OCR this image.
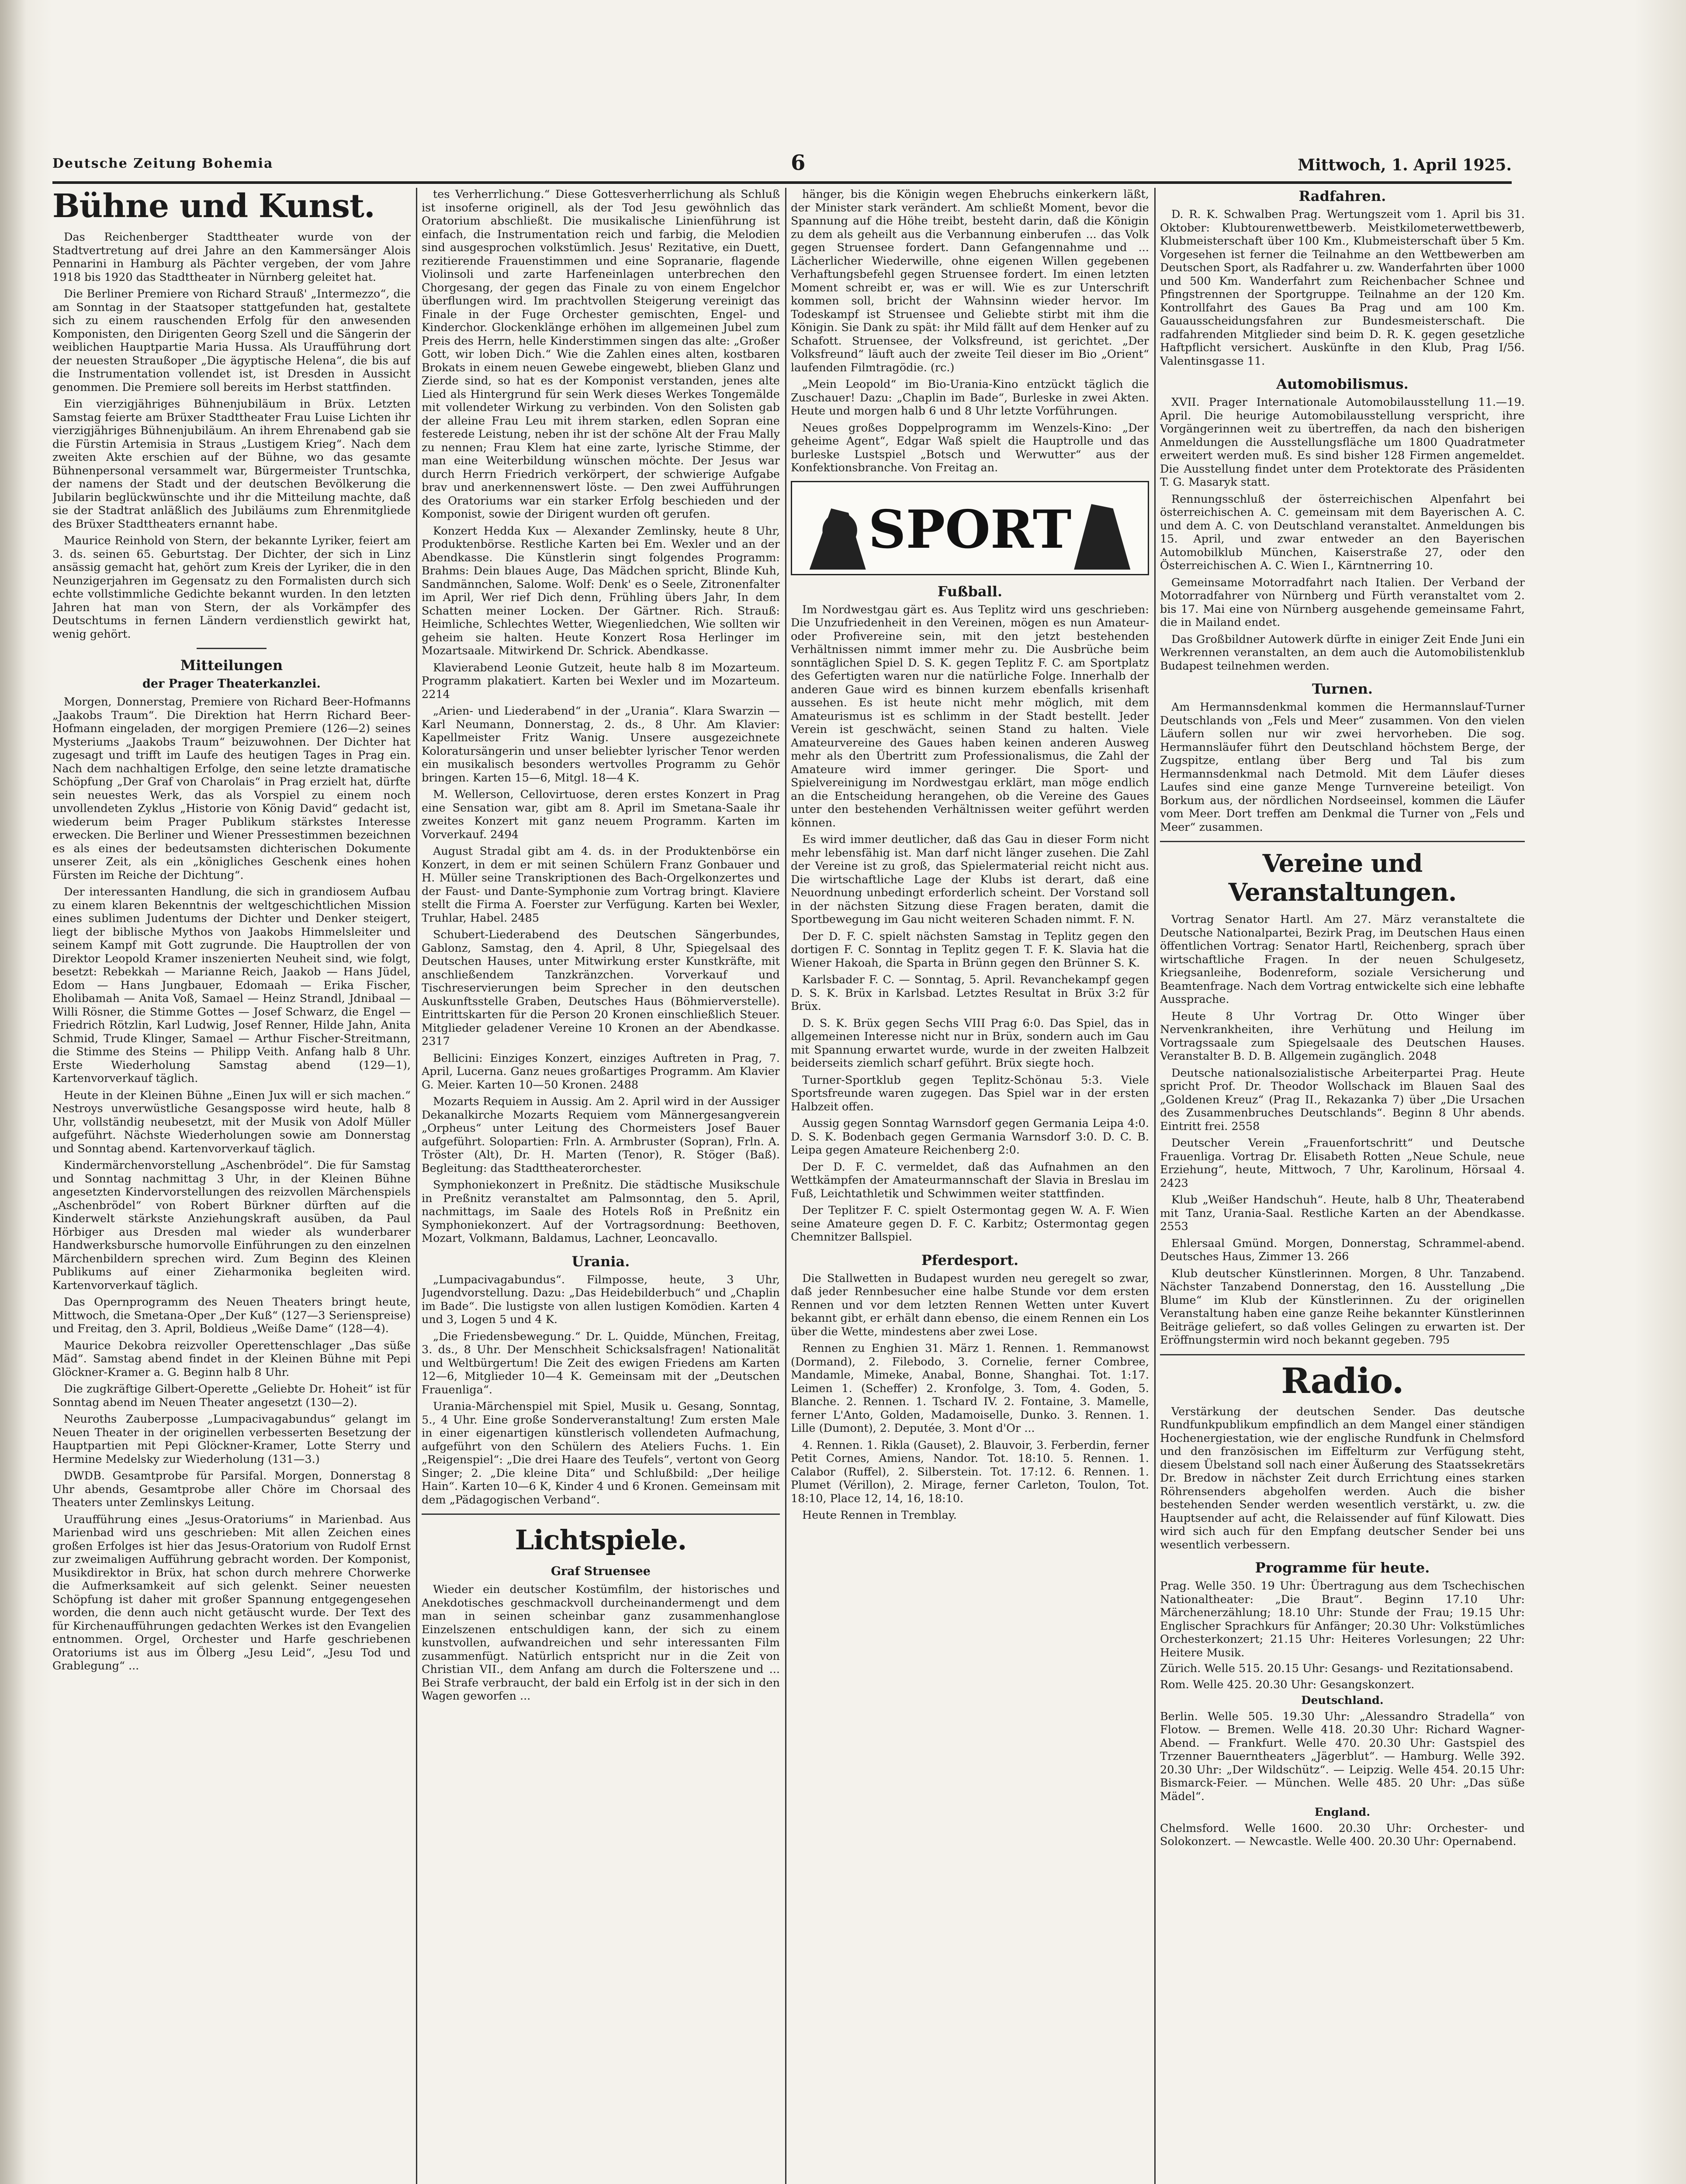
Deutsche Zeitung Bohemia	6	Mittwoch, 1. April 1925.
Bühne und Kunst.

Das Reichenberger Stadttheater wurde von der Stadtvertretung auf drei Jahre an den Kammersänger Alois Pennarini in Hamburg als Pächter vergeben, der vom Jahre 1918 bis 1920 das Stadttheater in Nürnberg geleitet hat.

Die Berliner Premiere von Richard Strauß' „Intermezzo“, die am Sonntag in der Staatsoper stattgefunden hat, gestaltete sich zu einem rauschenden Erfolg für den anwesenden Komponisten, den Dirigenten Georg Szell und die Sängerin der weiblichen Hauptpartie Maria Hussa. Als Uraufführung dort der neuesten Straußoper „Die ägyptische Helena“, die bis auf die Instrumentation vollendet ist, ist Dresden in Aussicht genommen. Die Premiere soll bereits im Herbst stattfinden.

Ein vierzigjähriges Bühnenjubiläum in Brüx. Letzten Samstag feierte am Brüxer Stadttheater Frau Luise Lichten ihr vierzigjähriges Bühnenjubiläum. An ihrem Ehrenabend gab sie die Fürstin Artemisia in Straus „Lustigem Krieg“. Nach dem zweiten Akte erschien auf der Bühne, wo das gesamte Bühnenpersonal versammelt war, Bürgermeister Truntschka, der namens der Stadt und der deutschen Bevölkerung die Jubilarin beglückwünschte und ihr die Mitteilung machte, daß sie der Stadtrat anläßlich des Jubiläums zum Ehrenmitgliede des Brüxer Stadttheaters ernannt habe.

Maurice Reinhold von Stern, der bekannte Lyriker, feiert am 3. ds. seinen 65. Geburtstag. Der Dichter, der sich in Linz ansässig gemacht hat, gehört zum Kreis der Lyriker, die in den Neunzigerjahren im Gegensatz zu den Formalisten durch sich echte vollstimmliche Gedichte bekannt wurden. In den letzten Jahren hat man von Stern, der als Vorkämpfer des Deutschtums in fernen Ländern verdienstlich gewirkt hat, wenig gehört.

Mitteilungen
der Prager Theaterkanzlei.

Morgen, Donnerstag, Premiere von Richard Beer-Hofmanns „Jaakobs Traum“. Die Direktion hat Herrn Richard Beer-Hofmann eingeladen, der morgigen Premiere (126—2) seines Mysteriums „Jaakobs Traum“ beizuwohnen. Der Dichter hat zugesagt und trifft im Laufe des heutigen Tages in Prag ein. Nach dem nachhaltigen Erfolge, den seine letzte dramatische Schöpfung „Der Graf von Charolais“ in Prag erzielt hat, dürfte sein neuestes Werk, das als Vorspiel zu einem noch unvollendeten Zyklus „Historie von König David“ gedacht ist, wiederum beim Prager Publikum stärkstes Interesse erwecken. Die Berliner und Wiener Pressestimmen bezeichnen es als eines der bedeutsamsten dichterischen Dokumente unserer Zeit, als ein „königliches Geschenk eines hohen Fürsten im Reiche der Dichtung“.

Der interessanten Handlung, die sich in grandiosem Aufbau zu einem klaren Bekenntnis der weltgeschichtlichen Mission eines sublimen Judentums der Dichter und Denker steigert, liegt der biblische Mythos von Jaakobs Himmelsleiter und seinem Kampf mit Gott zugrunde. Die Hauptrollen der von Direktor Leopold Kramer inszenierten Neuheit sind, wie folgt, besetzt: Rebekkah — Marianne Reich, Jaakob — Hans Jüdel, Edom — Hans Jungbauer, Edomaah — Erika Fischer, Eholibamah — Anita Voß, Samael — Heinz Strandl, Jdnibaal — Willi Rösner, die Stimme Gottes — Josef Schwarz, die Engel — Friedrich Rötzlin, Karl Ludwig, Josef Renner, Hilde Jahn, Anita Schmid, Trude Klinger, Samael — Arthur Fischer-Streitmann, die Stimme des Steins — Philipp Veith. Anfang halb 8 Uhr. Erste Wiederholung Samstag abend (129—1), Kartenvorverkauf täglich.

Heute in der Kleinen Bühne „Einen Jux will er sich machen.“ Nestroys unverwüstliche Gesangsposse wird heute, halb 8 Uhr, vollständig neubesetzt, mit der Musik von Adolf Müller aufgeführt. Nächste Wiederholungen sowie am Donnerstag und Sonntag abend. Kartenvorverkauf täglich.

Kindermärchenvorstellung „Aschenbrödel“. Die für Samstag und Sonntag nachmittag 3 Uhr, in der Kleinen Bühne angesetzten Kindervorstellungen des reizvollen Märchenspiels „Aschenbrödel“ von Robert Bürkner dürften auf die Kinderwelt stärkste Anziehungskraft ausüben, da Paul Hörbiger aus Dresden mal wieder als wunderbarer Handwerksbursche humorvolle Einführungen zu den einzelnen Märchenbildern sprechen wird. Zum Beginn des Kleinen Publikums auf einer Zieharmonika begleiten wird. Kartenvorverkauf täglich.

Das Opernprogramm des Neuen Theaters bringt heute, Mittwoch, die Smetana-Oper „Der Kuß“ (127—3 Serienspreise) und Freitag, den 3. April, Boldieus „Weiße Dame“ (128—4).

Maurice Dekobra reizvoller Operettenschlager „Das süße Mäd“. Samstag abend findet in der Kleinen Bühne mit Pepi Glöckner-Kramer a. G. Beginn halb 8 Uhr.

Die zugkräftige Gilbert-Operette „Geliebte Dr. Hoheit“ ist für Sonntag abend im Neuen Theater angesetzt (130—2).

Neuroths Zauberposse „Lumpacivagabundus“ gelangt im Neuen Theater in der originellen verbesserten Besetzung der Hauptpartien mit Pepi Glöckner-Kramer, Lotte Sterry und Hermine Medelsky zur Wiederholung (131—3.)

DWDB. Gesamtprobe für Parsifal. Morgen, Donnerstag 8 Uhr abends, Gesamtprobe aller Chöre im Chorsaal des Theaters unter Zemlinskys Leitung.

Uraufführung eines „Jesus-Oratoriums“ in Marienbad. Aus Marienbad wird uns geschrieben: Mit allen Zeichen eines großen Erfolges ist hier das Jesus-Oratorium von Rudolf Ernst zur zweimaligen Aufführung gebracht worden. Der Komponist, Musikdirektor in Brüx, hat schon durch mehrere Chorwerke die Aufmerksamkeit auf sich gelenkt. Seiner neuesten Schöpfung ist daher mit großer Spannung entgegengesehen worden, die denn auch nicht getäuscht wurde. Der Text des für Kirchenaufführungen gedachten Werkes ist den Evangelien entnommen. Orgel, Orchester und Harfe geschriebenen Oratoriums ist aus im Ölberg „Jesu Leid“, „Jesu Tod und Grablegung“ ...

tes Verherrlichung.“ Diese Gottesverherrlichung als Schluß ist insoferne originell, als der Tod Jesu gewöhnlich das Oratorium abschließt. Die musikalische Linienführung ist einfach, die Instrumentation reich und farbig, die Melodien sind ausgesprochen volkstümlich. Jesus' Rezitative, ein Duett, rezitierende Frauenstimmen und eine Sopranarie, flagende Violinsoli und zarte Harfeneinlagen unterbrechen den Chorgesang, der gegen das Finale zu von einem Engelchor überflungen wird. Im prachtvollen Steigerung vereinigt das Finale in der Fuge Orchester gemischten, Engel- und Kinderchor. Glockenklänge erhöhen im allgemeinen Jubel zum Preis des Herrn, helle Kinderstimmen singen das alte: „Großer Gott, wir loben Dich.“ Wie die Zahlen eines alten, kostbaren Brokats in einem neuen Gewebe eingewebt, blieben Glanz und Zierde sind, so hat es der Komponist verstanden, jenes alte Lied als Hintergrund für sein Werk dieses Werkes Tongemälde mit vollendeter Wirkung zu verbinden. Von den Solisten gab der alleine Frau Leu mit ihrem starken, edlen Sopran eine festerede Leistung, neben ihr ist der schöne Alt der Frau Mally zu nennen; Frau Klem hat eine zarte, lyrische Stimme, der man eine Weiterbildung wünschen möchte. Der Jesus war durch Herrn Friedrich verkörpert, der schwierige Aufgabe brav und anerkennenswert löste. — Den zwei Aufführungen des Oratoriums war ein starker Erfolg beschieden und der Komponist, sowie der Dirigent wurden oft gerufen.

Konzert Hedda Kux — Alexander Zemlinsky, heute 8 Uhr, Produktenbörse. Restliche Karten bei Em. Wexler und an der Abendkasse. Die Künstlerin singt folgendes Programm: Brahms: Dein blaues Auge, Das Mädchen spricht, Blinde Kuh, Sandmännchen, Salome. Wolf: Denk' es o Seele, Zitronenfalter im April, Wer rief Dich denn, Frühling übers Jahr, In dem Schatten meiner Locken. Der Gärtner. Rich. Strauß: Heimliche, Schlechtes Wetter, Wiegenliedchen, Wie sollten wir geheim sie halten. Heute Konzert Rosa Herlinger im Mozartsaale. Mitwirkend Dr. Schrick. Abendkasse.

Klavierabend Leonie Gutzeit, heute halb 8 im Mozarteum. Programm plakatiert. Karten bei Wexler und im Mozarteum. 2214

„Arien- und Liederabend“ in der „Urania“. Klara Swarzin — Karl Neumann, Donnerstag, 2. ds., 8 Uhr. Am Klavier: Kapellmeister Fritz Wanig. Unsere ausgezeichnete Koloratursängerin und unser beliebter lyrischer Tenor werden ein musikalisch besonders wertvolles Programm zu Gehör bringen. Karten 15—6, Mitgl. 18—4 K.

M. Wellerson, Cellovirtuose, deren erstes Konzert in Prag eine Sensation war, gibt am 8. April im Smetana-Saale ihr zweites Konzert mit ganz neuem Programm. Karten im Vorverkauf. 2494

August Stradal gibt am 4. ds. in der Produktenbörse ein Konzert, in dem er mit seinen Schülern Franz Gonbauer und H. Müller seine Transkriptionen des Bach-Orgelkonzertes und der Faust- und Dante-Symphonie zum Vortrag bringt. Klaviere stellt die Firma A. Foerster zur Verfügung. Karten bei Wexler, Truhlar, Habel. 2485

Schubert-Liederabend des Deutschen Sängerbundes, Gablonz, Samstag, den 4. April, 8 Uhr, Spiegelsaal des Deutschen Hauses, unter Mitwirkung erster Kunstkräfte, mit anschließendem Tanzkränzchen. Vorverkauf und Tischreservierungen beim Sprecher in den deutschen Auskunftsstelle Graben, Deutsches Haus (Böhmierverstelle). Eintrittskarten für die Person 20 Kronen einschließlich Steuer. Mitglieder geladener Vereine 10 Kronen an der Abendkasse. 2317

Bellicini: Einziges Konzert, einziges Auftreten in Prag, 7. April, Lucerna. Ganz neues großartiges Programm. Am Klavier G. Meier. Karten 10—50 Kronen. 2488

Mozarts Requiem in Aussig. Am 2. April wird in der Aussiger Dekanalkirche Mozarts Requiem vom Männergesangverein „Orpheus“ unter Leitung des Chormeisters Josef Bauer aufgeführt. Solopartien: Frln. A. Armbruster (Sopran), Frln. A. Tröster (Alt), Dr. H. Marten (Tenor), R. Stöger (Baß). Begleitung: das Stadttheaterorchester.

Symphoniekonzert in Preßnitz. Die städtische Musikschule in Preßnitz veranstaltet am Palmsonntag, den 5. April, nachmittags, im Saale des Hotels Roß in Preßnitz ein Symphoniekonzert. Auf der Vortragsordnung: Beethoven, Mozart, Volkmann, Baldamus, Lachner, Leoncavallo.

Urania.

„Lumpacivagabundus“. Filmposse, heute, 3 Uhr, Jugendvorstellung. Dazu: „Das Heidebilderbuch“ und „Chaplin im Bade“. Die lustigste von allen lustigen Komödien. Karten 4 und 3, Logen 5 und 4 K.

„Die Friedensbewegung.“ Dr. L. Quidde, München, Freitag, 3. ds., 8 Uhr. Der Menschheit Schicksalsfragen! Nationalität und Weltbürgertum! Die Zeit des ewigen Friedens am Karten 12—6, Mitglieder 10—4 K. Gemeinsam mit der „Deutschen Frauenliga“.

Urania-Märchenspiel mit Spiel, Musik u. Gesang, Sonntag, 5., 4 Uhr. Eine große Sonderveranstaltung! Zum ersten Male in einer eigenartigen künstlerisch vollendeten Aufmachung, aufgeführt von den Schülern des Ateliers Fuchs. 1. Ein „Reigenspiel“: „Die drei Haare des Teufels“, vertont von Georg Singer; 2. „Die kleine Dita“ und Schlußbild: „Der heilige Hain“. Karten 10—6 K, Kinder 4 und 6 Kronen. Gemeinsam mit dem „Pädagogischen Verband“.

Lichtspiele.
Graf Struensee

Wieder ein deutscher Kostümfilm, der historisches und Anekdotisches geschmackvoll durcheinandermengt und dem man in seinen scheinbar ganz zusammenhanglose Einzelszenen entschuldigen kann, der sich zu einem kunstvollen, aufwandreichen und sehr interessanten Film zusammenfügt. Natürlich entspricht nur in die Zeit von Christian VII., dem Anfang am durch die Folterszene und ... Bei Strafe verbraucht, der bald ein Erfolg ist in der sich in den Wagen geworfen ...

hänger, bis die Königin wegen Ehebruchs einkerkern läßt, der Minister stark verändert. Am schließt Moment, bevor die Spannung auf die Höhe treibt, besteht darin, daß die Königin zu dem als geheilt aus die Verbannung einberufen ... das Volk gegen Struensee fordert. Dann Gefangennahme und ... Lächerlicher Wiederwille, ohne eigenen Willen gegebenen Verhaftungsbefehl gegen Struensee fordert. Im einen letzten Moment schreibt er, was er will. Wie es zur Unterschrift kommen soll, bricht der Wahnsinn wieder hervor. Im Todeskampf ist Struensee und Geliebte stirbt mit ihm die Königin. Sie Dank zu spät: ihr Mild fällt auf dem Henker auf zu Schafott. Struensee, der Volksfreund, ist gerichtet. „Der Volksfreund“ läuft auch der zweite Teil dieser im Bio „Orient“ laufenden Filmtragödie. (rc.)

„Mein Leopold“ im Bio-Urania-Kino entzückt täglich die Zuschauer! Dazu: „Chaplin im Bade“, Burleske in zwei Akten. Heute und morgen halb 6 und 8 Uhr letzte Vorführungen.

Neues großes Doppelprogramm im Wenzels-Kino: „Der geheime Agent“, Edgar Waß spielt die Hauptrolle und das burleske Lustspiel „Botsch und Werwutter“ aus der Konfektionsbranche. Von Freitag an.

SPORT
Fußball.

Im Nordwestgau gärt es. Aus Teplitz wird uns geschrieben: Die Unzufriedenheit in den Vereinen, mögen es nun Amateur- oder Profivereine sein, mit den jetzt bestehenden Verhältnissen nimmt immer mehr zu. Die Ausbrüche beim sonntäglichen Spiel D. S. K. gegen Teplitz F. C. am Sportplatz des Gefertigten waren nur die natürliche Folge. Innerhalb der anderen Gaue wird es binnen kurzem ebenfalls krisenhaft aussehen. Es ist heute nicht mehr möglich, mit dem Amateurismus ist es schlimm in der Stadt bestellt. Jeder Verein ist geschwächt, seinen Stand zu halten. Viele Amateurvereine des Gaues haben keinen anderen Ausweg mehr als den Übertritt zum Professionalismus, die Zahl der Amateure wird immer geringer. Die Sport- und Spielvereinigung im Nordwestgau erklärt, man möge endlich an die Entscheidung herangehen, ob die Vereine des Gaues unter den bestehenden Verhältnissen weiter geführt werden können.

Es wird immer deutlicher, daß das Gau in dieser Form nicht mehr lebensfähig ist. Man darf nicht länger zusehen. Die Zahl der Vereine ist zu groß, das Spielermaterial reicht nicht aus. Die wirtschaftliche Lage der Klubs ist derart, daß eine Neuordnung unbedingt erforderlich scheint. Der Vorstand soll in der nächsten Sitzung diese Fragen beraten, damit die Sportbewegung im Gau nicht weiteren Schaden nimmt. F. N.

Der D. F. C. spielt nächsten Samstag in Teplitz gegen den dortigen F. C. Sonntag in Teplitz gegen T. F. K. Slavia hat die Wiener Hakoah, die Sparta in Brünn gegen den Brünner S. K.

Karlsbader F. C. — Sonntag, 5. April. Revanchekampf gegen D. S. K. Brüx in Karlsbad. Letztes Resultat in Brüx 3:2 für Brüx.

D. S. K. Brüx gegen Sechs VIII Prag 6:0. Das Spiel, das in allgemeinen Interesse nicht nur in Brüx, sondern auch im Gau mit Spannung erwartet wurde, wurde in der zweiten Halbzeit beiderseits ziemlich scharf geführt. Brüx siegte hoch.

Turner-Sportklub gegen Teplitz-Schönau 5:3. Viele Sportsfreunde waren zugegen. Das Spiel war in der ersten Halbzeit offen.

Aussig gegen Sonntag Warnsdorf gegen Germania Leipa 4:0. D. S. K. Bodenbach gegen Germania Warnsdorf 3:0. D. C. B. Leipa gegen Amateure Reichenberg 2:0.

Der D. F. C. vermeldet, daß das Aufnahmen an den Wettkämpfen der Amateurmannschaft der Slavia in Breslau im Fuß, Leichtathletik und Schwimmen weiter stattfinden.

Der Teplitzer F. C. spielt Ostermontag gegen W. A. F. Wien seine Amateure gegen D. F. C. Karbitz; Ostermontag gegen Chemnitzer Ballspiel.

Pferdesport.

Die Stallwetten in Budapest wurden neu geregelt so zwar, daß jeder Rennbesucher eine halbe Stunde vor dem ersten Rennen und vor dem letzten Rennen Wetten unter Kuvert bekannt gibt, er erhält dann ebenso, die einem Rennen ein Los über die Wette, mindestens aber zwei Lose.

Rennen zu Enghien 31. März 1. Rennen. 1. Remmanowst (Dormand), 2. Filebodo, 3. Cornelie, ferner Combree, Mandamle, Mimeke, Anabal, Bonne, Shanghai. Tot. 1:17. Leimen 1. (Scheffer) 2. Kronfolge, 3. Tom, 4. Goden, 5. Blanche. 2. Rennen. 1. Tschard IV. 2. Fontaine, 3. Mamelle, ferner L'Anto, Golden, Madamoiselle, Dunko. 3. Rennen. 1. Lille (Dumont), 2. Deputée, 3. Mont d'Or ...

4. Rennen. 1. Rikla (Gauset), 2. Blauvoir, 3. Ferberdin, ferner Petit Cornes, Amiens, Nandor. Tot. 18:10. 5. Rennen. 1. Calabor (Ruffel), 2. Silberstein. Tot. 17:12. 6. Rennen. 1. Plumet (Vérillon), 2. Mirage, ferner Carleton, Toulon, Tot. 18:10, Place 12, 14, 16, 18:10.

Heute Rennen in Tremblay.

Radfahren.

D. R. K. Schwalben Prag. Wertungszeit vom 1. April bis 31. Oktober: Klubtourenwettbewerb. Meistkilometerwettbewerb, Klubmeisterschaft über 100 Km., Klubmeisterschaft über 5 Km. Vorgesehen ist ferner die Teilnahme an den Wettbewerben am Deutschen Sport, als Radfahrer u. zw. Wanderfahrten über 1000 und 500 Km. Wanderfahrt zum Reichenbacher Schnee und Pfingstrennen der Sportgruppe. Teilnahme an der 120 Km. Kontrollfahrt des Gaues Ba Prag und am 100 Km. Gauausscheidungsfahren zur Bundesmeisterschaft. Die radfahrenden Mitglieder sind beim D. R. K. gegen gesetzliche Haftpflicht versichert. Auskünfte in den Klub, Prag I/56. Valentinsgasse 11.

Automobilismus.

XVII. Prager Internationale Automobilausstellung 11.—19. April. Die heurige Automobilausstellung verspricht, ihre Vorgängerinnen weit zu übertreffen, da nach den bisherigen Anmeldungen die Ausstellungsfläche um 1800 Quadratmeter erweitert werden muß. Es sind bisher 128 Firmen angemeldet. Die Ausstellung findet unter dem Protektorate des Präsidenten T. G. Masaryk statt.

Rennungsschluß der österreichischen Alpenfahrt bei österreichischen A. C. gemeinsam mit dem Bayerischen A. C. und dem A. C. von Deutschland veranstaltet. Anmeldungen bis 15. April, und zwar entweder an den Bayerischen Automobilklub München, Kaiserstraße 27, oder den Österreichischen A. C. Wien I., Kärntnerring 10.

Gemeinsame Motorradfahrt nach Italien. Der Verband der Motorradfahrer von Nürnberg und Fürth veranstaltet vom 2. bis 17. Mai eine von Nürnberg ausgehende gemeinsame Fahrt, die in Mailand endet.

Das Großbildner Autowerk dürfte in einiger Zeit Ende Juni ein Werkrennen veranstalten, an dem auch die Automobilistenklub Budapest teilnehmen werden.

Turnen.

Am Hermannsdenkmal kommen die Hermannslauf-Turner Deutschlands von „Fels und Meer“ zusammen. Von den vielen Läufern sollen nur wir zwei hervorheben. Die sog. Hermannsläufer führt den Deutschland höchstem Berge, der Zugspitze, entlang über Berg und Tal bis zum Hermannsdenkmal nach Detmold. Mit dem Läufer dieses Laufes sind eine ganze Menge Turnvereine beteiligt. Von Borkum aus, der nördlichen Nordseeinsel, kommen die Läufer vom Meer. Dort treffen am Denkmal die Turner von „Fels und Meer“ zusammen.

Vereine und Veranstaltungen.

Vortrag Senator Hartl. Am 27. März veranstaltete die Deutsche Nationalpartei, Bezirk Prag, im Deutschen Haus einen öffentlichen Vortrag: Senator Hartl, Reichenberg, sprach über wirtschaftliche Fragen. In der neuen Schulgesetz, Kriegsanleihe, Bodenreform, soziale Versicherung und Beamtenfrage. Nach dem Vortrag entwickelte sich eine lebhafte Aussprache.

Heute 8 Uhr Vortrag Dr. Otto Winger über Nervenkrankheiten, ihre Verhütung und Heilung im Vortragssaale zum Spiegelsaale des Deutschen Hauses. Veranstalter B. D. B. Allgemein zugänglich. 2048

Deutsche nationalsozialistische Arbeiterpartei Prag. Heute spricht Prof. Dr. Theodor Wollschack im Blauen Saal des „Goldenen Kreuz“ (Prag II., Rekazanka 7) über „Die Ursachen des Zusammenbruches Deutschlands“. Beginn 8 Uhr abends. Eintritt frei. 2558

Deutscher Verein „Frauenfortschritt“ und Deutsche Frauenliga. Vortrag Dr. Elisabeth Rotten „Neue Schule, neue Erziehung“, heute, Mittwoch, 7 Uhr, Karolinum, Hörsaal 4. 2423

Klub „Weißer Handschuh“. Heute, halb 8 Uhr, Theaterabend mit Tanz, Urania-Saal. Restliche Karten an der Abendkasse. 2553

Ehlersaal Gmünd. Morgen, Donnerstag, Schrammel-abend. Deutsches Haus, Zimmer 13. 266

Klub deutscher Künstlerinnen. Morgen, 8 Uhr. Tanzabend. Nächster Tanzabend Donnerstag, den 16. Ausstellung „Die Blume“ im Klub der Künstlerinnen. Zu der originellen Veranstaltung haben eine ganze Reihe bekannter Künstlerinnen Beiträge geliefert, so daß volles Gelingen zu erwarten ist. Der Eröffnungstermin wird noch bekannt gegeben. 795

Radio.

Verstärkung der deutschen Sender. Das deutsche Rundfunkpublikum empfindlich an dem Mangel einer ständigen Hochenergiestation, wie der englische Rundfunk in Chelmsford und den französischen im Eiffelturm zur Verfügung steht, diesem Übelstand soll nach einer Äußerung des Staatssekretärs Dr. Bredow in nächster Zeit durch Errichtung eines starken Röhrensenders abgeholfen werden. Auch die bisher bestehenden Sender werden wesentlich verstärkt, u. zw. die Hauptsender auf acht, die Relaissender auf fünf Kilowatt. Dies wird sich auch für den Empfang deutscher Sender bei uns wesentlich verbessern.

Programme für heute.

Prag. Welle 350. 19 Uhr: Übertragung aus dem Tschechischen Nationaltheater: „Die Braut“. Beginn 17.10 Uhr: Märchenerzählung; 18.10 Uhr: Stunde der Frau; 19.15 Uhr: Englischer Sprachkurs für Anfänger; 20.30 Uhr: Volkstümliches Orchesterkonzert; 21.15 Uhr: Heiteres Vorlesungen; 22 Uhr: Heitere Musik.

Zürich. Welle 515. 20.15 Uhr: Gesangs- und Rezitationsabend.

Rom. Welle 425. 20.30 Uhr: Gesangskonzert.

Deutschland.

Berlin. Welle 505. 19.30 Uhr: „Alessandro Stradella“ von Flotow. — Bremen. Welle 418. 20.30 Uhr: Richard Wagner-Abend. — Frankfurt. Welle 470. 20.30 Uhr: Gastspiel des Trzenner Bauerntheaters „Jägerblut“. — Hamburg. Welle 392. 20.30 Uhr: „Der Wildschütz“. — Leipzig. Welle 454. 20.15 Uhr: Bismarck-Feier. — München. Welle 485. 20 Uhr: „Das süße Mädel“.

England.

Chelmsford. Welle 1600. 20.30 Uhr: Orchester- und Solokonzert. — Newcastle. Welle 400. 20.30 Uhr: Opernabend.
